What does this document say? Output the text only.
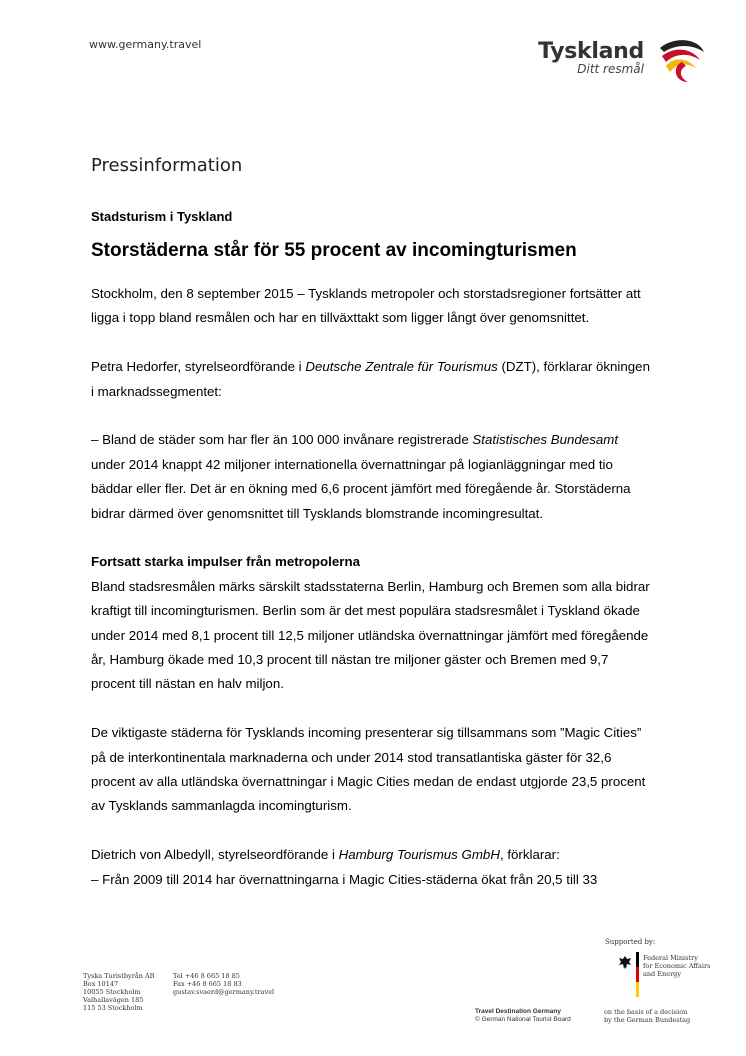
www.germany.travel	Tyskland
Ditt resmål
Pressinformation
Stadsturism i Tyskland
Storstäderna står för 55 procent av incomingturismen

Stockholm, den 8 september 2015 – Tysklands metropoler och storstadsregioner fortsätter att ligga i topp bland resmålen och har en tillväxttakt som ligger långt över genomsnittet.

Petra Hedorfer, styrelseordförande i Deutsche Zentrale für Tourismus (DZT), förklarar ökningen i marknadssegmentet:

– Bland de städer som har fler än 100 000 invånare registrerade Statistisches Bundesamt under 2014 knappt 42 miljoner internationella övernattningar på logianläggningar med tio bäddar eller fler. Det är en ökning med 6,6 procent jämfört med föregående år. Storstäderna bidrar därmed över genomsnittet till Tysklands blomstrande incomingresultat.

Fortsatt starka impulser från metropolerna

Bland stadsresmålen märks särskilt stadsstaterna Berlin, Hamburg och Bremen som alla bidrar kraftigt till incomingturismen. Berlin som är det mest populära stadsresmålet i Tyskland ökade under 2014 med 8,1 procent till 12,5 miljoner utländska övernattningar jämfört med föregående år, Hamburg ökade med 10,3 procent till nästan tre miljoner gäster och Bremen med 9,7 procent till nästan en halv miljon.

De viktigaste städerna för Tysklands incoming presenterar sig tillsammans som ”Magic Cities” på de interkontinentala marknaderna och under 2014 stod transatlantiska gäster för 32,6 procent av alla utländska övernattningar i Magic Cities medan de endast utgjorde 23,5 procent av Tysklands sammanlagda incomingturism.

Dietrich von Albedyll, styrelseordförande i Hamburg Tourismus GmbH, förklarar:

– Från 2009 till 2014 har övernattningarna i Magic Cities-städerna ökat från 20,5 till 33

Supported by:
Federal Ministry
for Economic Affairs
and Energy
on the basis of a decision
by the German Bundestag
Travel Destination Germany
© German National Tourist Board
Tyska Turistbyrån AB
Box 10147
10055 Stockholm
Valhallavägen 185
115 53 Stockholm
Tel +46 8 665 18 85
Fax +46 8 665 18 83
gustav.svaerd@germany.travel
